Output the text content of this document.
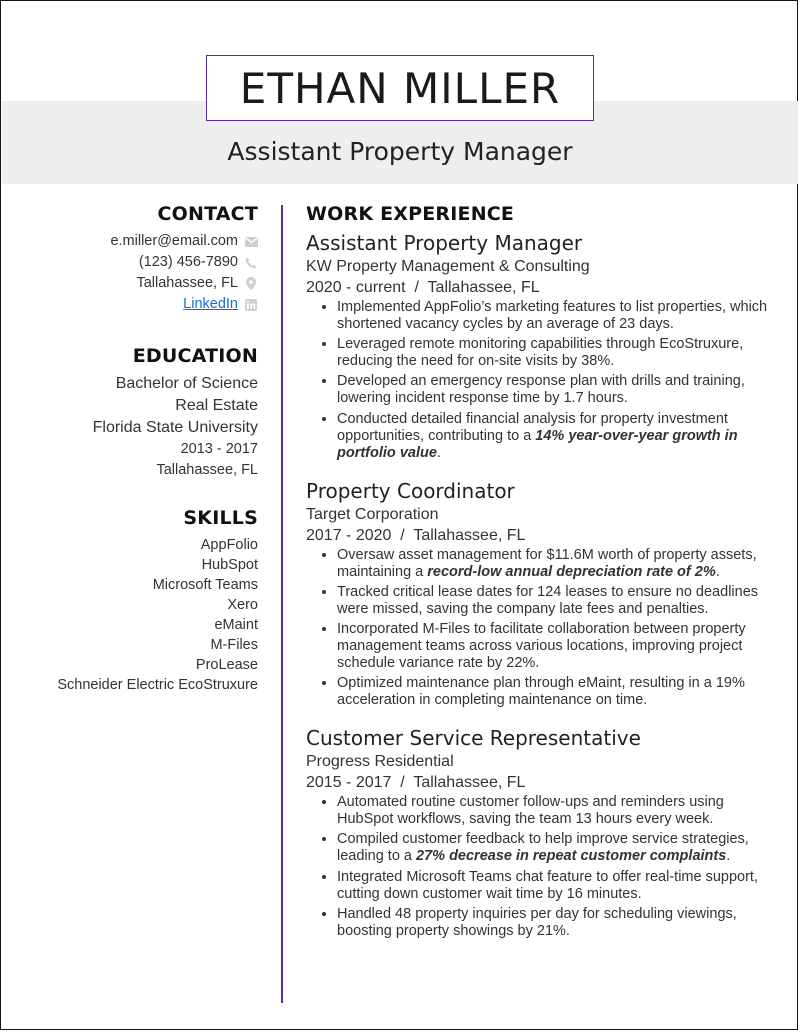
ETHAN MILLER
Assistant Property Manager
CONTACT
e.miller@email.com
(123) 456-7890
Tallahassee, FL
LinkedIn
EDUCATION
Bachelor of Science
Real Estate
Florida State University
2013 - 2017
Tallahassee, FL
SKILLS
AppFolio
HubSpot
Microsoft Teams
Xero
eMaint
M-Files
ProLease
Schneider Electric EcoStruxure
WORK EXPERIENCE
Assistant Property Manager
KW Property Management & Consulting
2020 - current  /  Tallahassee, FL
• Implemented AppFolio’s marketing features to list properties, which shortened vacancy cycles by an average of 23 days.
• Leveraged remote monitoring capabilities through EcoStruxure, reducing the need for on-site visits by 38%.
• Developed an emergency response plan with drills and training, lowering incident response time by 1.7 hours.
• Conducted detailed financial analysis for property investment opportunities, contributing to a 14% year-over-year growth in portfolio value.
Property Coordinator
Target Corporation
2017 - 2020  /  Tallahassee, FL
• Oversaw asset management for $11.6M worth of property assets, maintaining a record-low annual depreciation rate of 2%.
• Tracked critical lease dates for 124 leases to ensure no deadlines were missed, saving the company late fees and penalties.
• Incorporated M-Files to facilitate collaboration between property management teams across various locations, improving project schedule variance rate by 22%.
• Optimized maintenance plan through eMaint, resulting in a 19% acceleration in completing maintenance on time.
Customer Service Representative
Progress Residential
2015 - 2017  /  Tallahassee, FL
• Automated routine customer follow-ups and reminders using HubSpot workflows, saving the team 13 hours every week.
• Compiled customer feedback to help improve service strategies, leading to a 27% decrease in repeat customer complaints.
• Integrated Microsoft Teams chat feature to offer real-time support, cutting down customer wait time by 16 minutes.
• Handled 48 property inquiries per day for scheduling viewings, boosting property showings by 21%.
